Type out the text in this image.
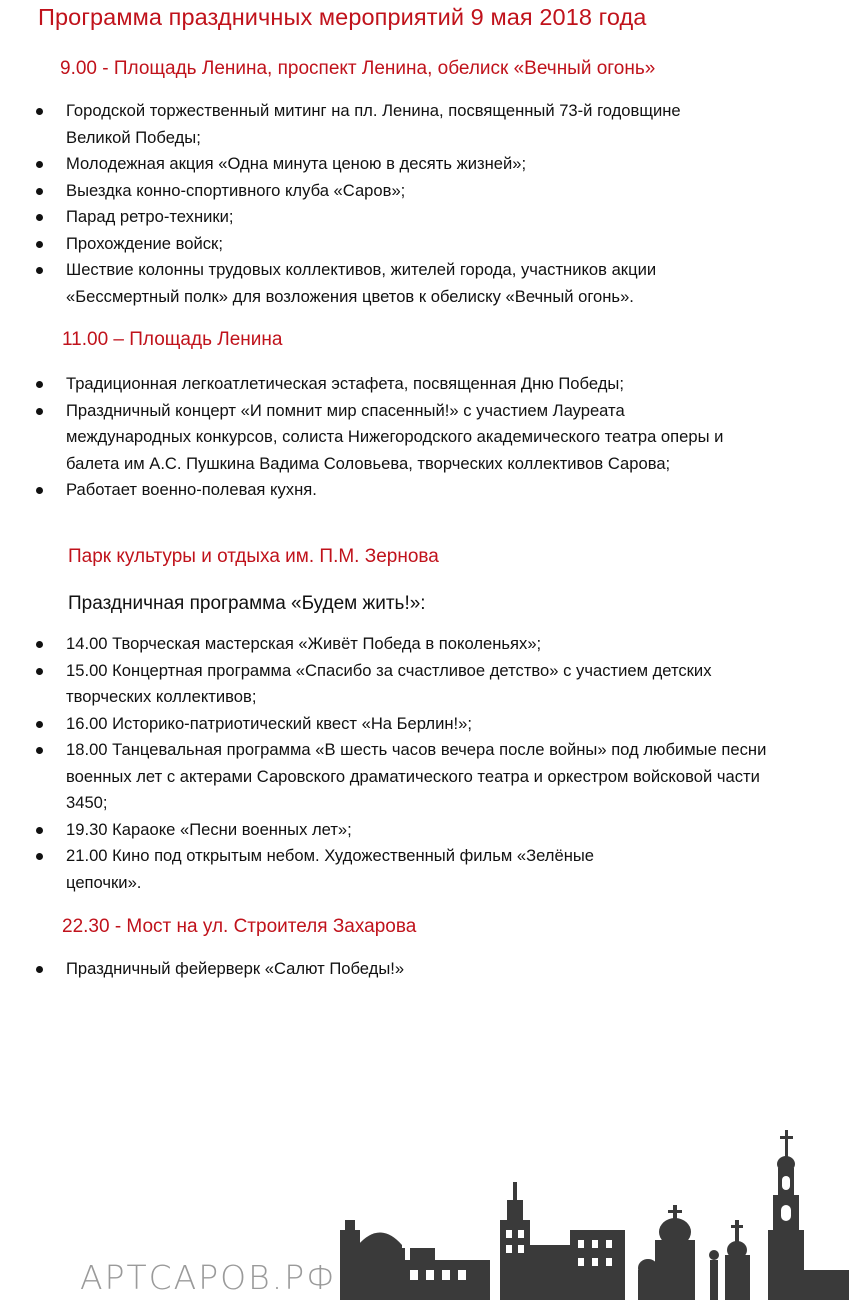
Программа праздничных мероприятий 9 мая 2018 года
9.00 - Площадь Ленина, проспект Ленина, обелиск «Вечный огонь»
Городской торжественный митинг на пл. Ленина, посвященный 73-й годовщине Великой Победы;
Молодежная акция «Одна минута ценою в десять жизней»;
Выездка конно-спортивного клуба «Саров»;
Парад ретро-техники;
Прохождение войск;
Шествие колонны трудовых коллективов, жителей города, участников акции «Бессмертный полк» для возложения цветов к обелиску «Вечный огонь».
11.00 – Площадь Ленина
Традиционная легкоатлетическая эстафета, посвященная Дню Победы;
Праздничный концерт «И помнит мир спасенный!» с участием Лауреата международных конкурсов, солиста Нижегородского академического театра оперы и балета им А.С. Пушкина Вадима Соловьева, творческих коллективов Сарова;
Работает военно-полевая кухня.
Парк культуры и отдыха им. П.М. Зернова
Праздничная программа «Будем жить!»:
14.00 Творческая мастерская «Живёт Победа в поколеньях»;
15.00 Концертная программа «Спасибо за счастливое детство» с участием детских творческих коллективов;
16.00 Историко-патриотический квест «На Берлин!»;
18.00 Танцевальная программа «В шесть часов вечера после войны» под любимые песни военных лет с актерами Саровского драматического театра и оркестром войсковой части 3450;
19.30 Караоке «Песни военных лет»;
21.00 Кино под открытым небом. Художественный фильм «Зелёные цепочки».
22.30 - Мост на ул. Строителя Захарова
Праздничный фейерверк «Салют Победы!»
АРТСАРОВ.РФ
